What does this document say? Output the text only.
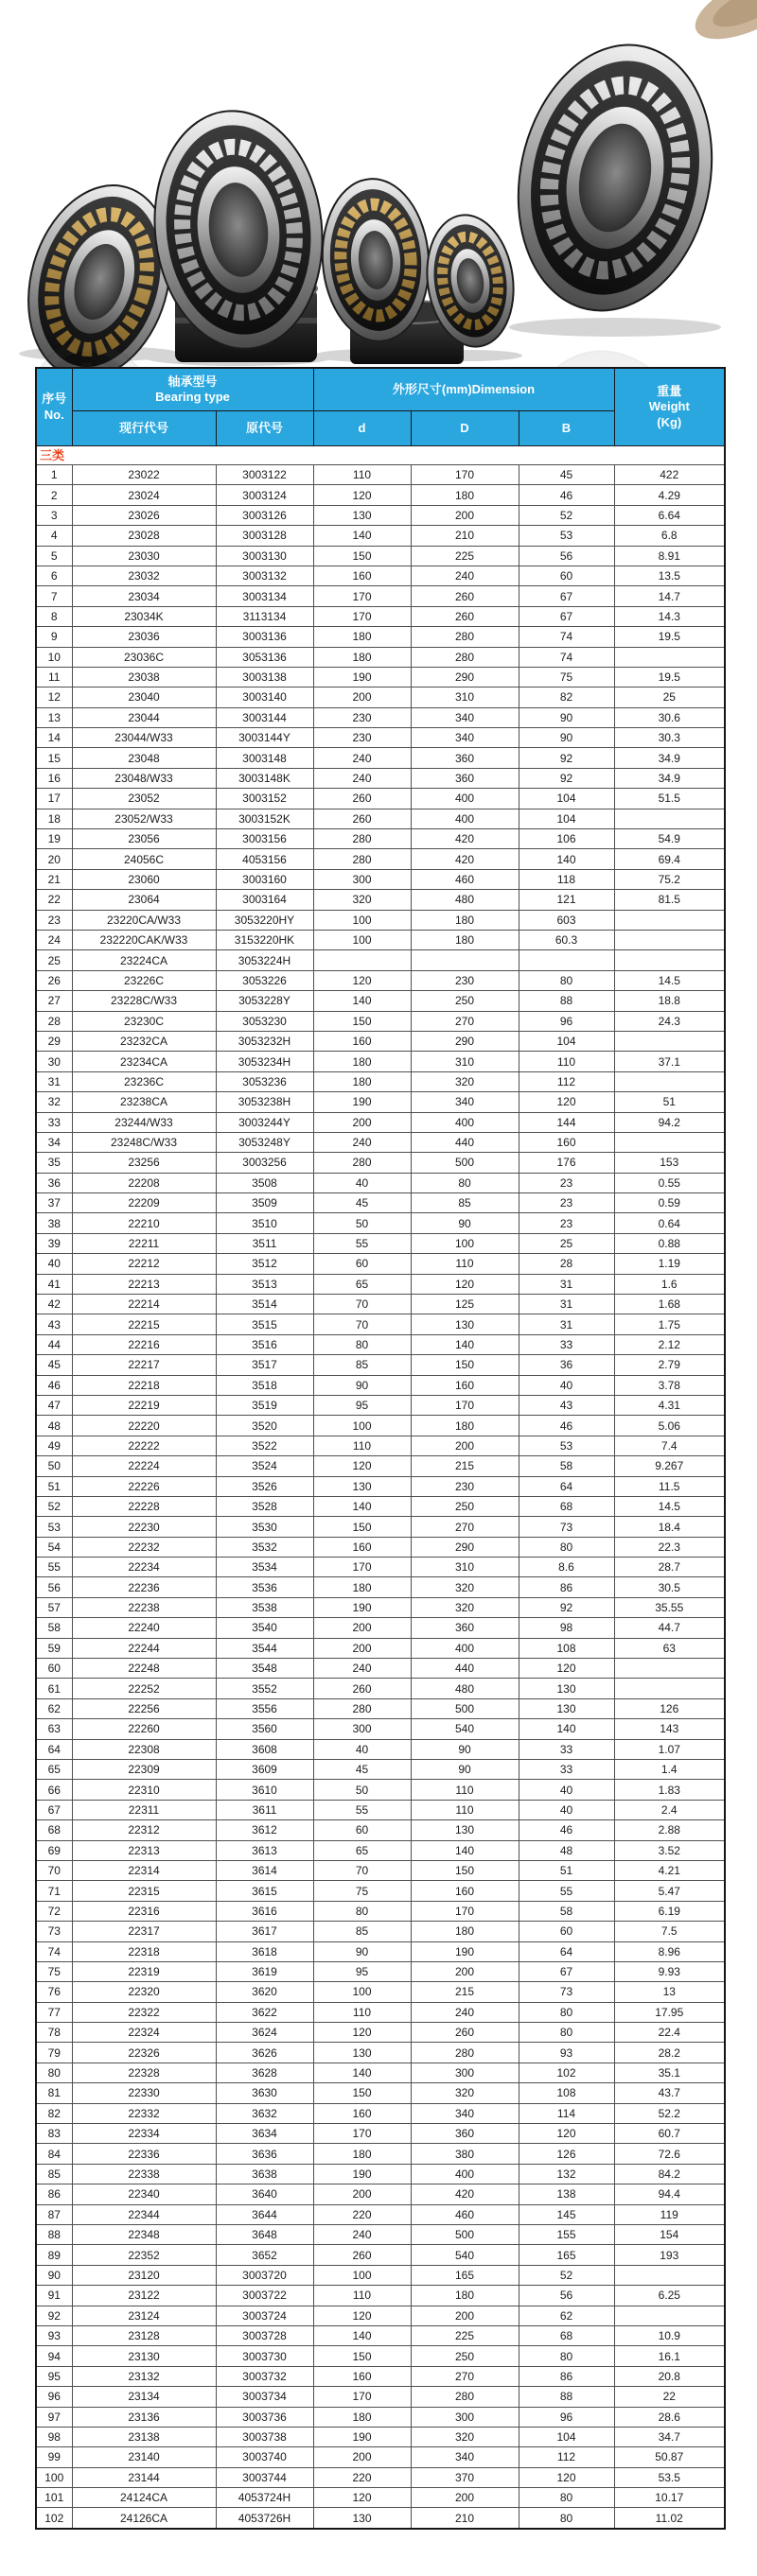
F&D
F&D
F&D
F&D
序号
No.	轴承型号
Bearing type		外形尺寸(mm)Dimension			重量
Weight
(Kg)
	现行代号	原代号	d	D	B	
三类						
1	23022	3003122	110	170	45	422
2	23024	3003124	120	180	46	4.29
3	23026	3003126	130	200	52	6.64
4	23028	3003128	140	210	53	6.8
5	23030	3003130	150	225	56	8.91
6	23032	3003132	160	240	60	13.5
7	23034	3003134	170	260	67	14.7
8	23034K	3113134	170	260	67	14.3
9	23036	3003136	180	280	74	19.5
10	23036C	3053136	180	280	74	
11	23038	3003138	190	290	75	19.5
12	23040	3003140	200	310	82	25
13	23044	3003144	230	340	90	30.6
14	23044/W33	3003144Y	230	340	90	30.3
15	23048	3003148	240	360	92	34.9
16	23048/W33	3003148K	240	360	92	34.9
17	23052	3003152	260	400	104	51.5
18	23052/W33	3003152K	260	400	104	
19	23056	3003156	280	420	106	54.9
20	24056C	4053156	280	420	140	69.4
21	23060	3003160	300	460	118	75.2
22	23064	3003164	320	480	121	81.5
23	23220CA/W33	3053220HY	100	180	603	
24	232220CAK/W33	3153220HK	100	180	60.3	
25	23224CA	3053224H				
26	23226C	3053226	120	230	80	14.5
27	23228C/W33	3053228Y	140	250	88	18.8
28	23230C	3053230	150	270	96	24.3
29	23232CA	3053232H	160	290	104	
30	23234CA	3053234H	180	310	110	37.1
31	23236C	3053236	180	320	112	
32	23238CA	3053238H	190	340	120	51
33	23244/W33	3003244Y	200	400	144	94.2
34	23248C/W33	3053248Y	240	440	160	
35	23256	3003256	280	500	176	153
36	22208	3508	40	80	23	0.55
37	22209	3509	45	85	23	0.59
38	22210	3510	50	90	23	0.64
39	22211	3511	55	100	25	0.88
40	22212	3512	60	110	28	1.19
41	22213	3513	65	120	31	1.6
42	22214	3514	70	125	31	1.68
43	22215	3515	70	130	31	1.75
44	22216	3516	80	140	33	2.12
45	22217	3517	85	150	36	2.79
46	22218	3518	90	160	40	3.78
47	22219	3519	95	170	43	4.31
48	22220	3520	100	180	46	5.06
49	22222	3522	110	200	53	7.4
50	22224	3524	120	215	58	9.267
51	22226	3526	130	230	64	11.5
52	22228	3528	140	250	68	14.5
53	22230	3530	150	270	73	18.4
54	22232	3532	160	290	80	22.3
55	22234	3534	170	310	8.6	28.7
56	22236	3536	180	320	86	30.5
57	22238	3538	190	320	92	35.55
58	22240	3540	200	360	98	44.7
59	22244	3544	200	400	108	63
60	22248	3548	240	440	120	
61	22252	3552	260	480	130	
62	22256	3556	280	500	130	126
63	22260	3560	300	540	140	143
64	22308	3608	40	90	33	1.07
65	22309	3609	45	90	33	1.4
66	22310	3610	50	110	40	1.83
67	22311	3611	55	110	40	2.4
68	22312	3612	60	130	46	2.88
69	22313	3613	65	140	48	3.52
70	22314	3614	70	150	51	4.21
71	22315	3615	75	160	55	5.47
72	22316	3616	80	170	58	6.19
73	22317	3617	85	180	60	7.5
74	22318	3618	90	190	64	8.96
75	22319	3619	95	200	67	9.93
76	22320	3620	100	215	73	13
77	22322	3622	110	240	80	17.95
78	22324	3624	120	260	80	22.4
79	22326	3626	130	280	93	28.2
80	22328	3628	140	300	102	35.1
81	22330	3630	150	320	108	43.7
82	22332	3632	160	340	114	52.2
83	22334	3634	170	360	120	60.7
84	22336	3636	180	380	126	72.6
85	22338	3638	190	400	132	84.2
86	22340	3640	200	420	138	94.4
87	22344	3644	220	460	145	119
88	22348	3648	240	500	155	154
89	22352	3652	260	540	165	193
90	23120	3003720	100	165	52	
91	23122	3003722	110	180	56	6.25
92	23124	3003724	120	200	62	
93	23128	3003728	140	225	68	10.9
94	23130	3003730	150	250	80	16.1
95	23132	3003732	160	270	86	20.8
96	23134	3003734	170	280	88	22
97	23136	3003736	180	300	96	28.6
98	23138	3003738	190	320	104	34.7
99	23140	3003740	200	340	112	50.87
100	23144	3003744	220	370	120	53.5
101	24124CA	4053724H	120	200	80	10.17
102	24126CA	4053726H	130	210	80	11.02
